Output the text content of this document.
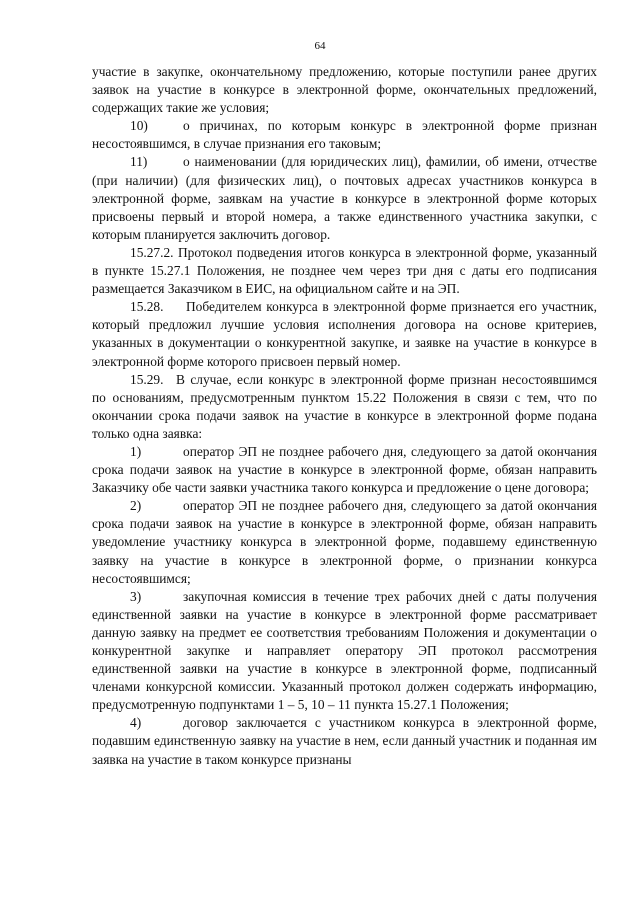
64

участие в закупке, окончательному предложению, которые поступили ранее других заявок на участие в конкурсе в электронной форме, окончательных предложений, содержащих такие же условия;

10)	о причинах, по которым конкурс в электронной форме признан несостоявшимся, в случае признания его таковым;

11)	о наименовании (для юридических лиц), фамилии, об имени, отчестве (при наличии) (для физических лиц), о почтовых адресах участников конкурса в электронной форме, заявкам на участие в конкурсе в электронной форме которых присвоены первый и второй номера, а также единственного участника закупки, с которым планируется заключить договор.

15.27.2. Протокол подведения итогов конкурса в электронной форме, указанный в пункте 15.27.1 Положения, не позднее чем через три дня с даты его подписания размещается Заказчиком в ЕИС, на официальном сайте и на ЭП.

15.28. Победителем конкурса в электронной форме признается его участник, который предложил лучшие условия исполнения договора на основе критериев, указанных в документации о конкурентной закупке, и заявке на участие в конкурсе в электронной форме которого присвоен первый номер.

15.29. В случае, если конкурс в электронной форме признан несостоявшимся по основаниям, предусмотренным пунктом 15.22 Положения в связи с тем, что по окончании срока подачи заявок на участие в конкурсе в электронной форме подана только одна заявка:

1)	оператор ЭП не позднее рабочего дня, следующего за датой окончания срока подачи заявок на участие в конкурсе в электронной форме, обязан направить Заказчику обе части заявки участника такого конкурса и предложение о цене договора;

2)	оператор ЭП не позднее рабочего дня, следующего за датой окончания срока подачи заявок на участие в конкурсе в электронной форме, обязан направить уведомление участнику конкурса в электронной форме, подавшему единственную заявку на участие в конкурсе в электронной форме, о признании конкурса несостоявшимся;

3)	закупочная комиссия в течение трех рабочих дней с даты получения единственной заявки на участие в конкурсе в электронной форме рассматривает данную заявку на предмет ее соответствия требованиям Положения и документации о конкурентной закупке и направляет оператору ЭП протокол рассмотрения единственной заявки на участие в конкурсе в электронной форме, подписанный членами конкурсной комиссии. Указанный протокол должен содержать информацию, предусмотренную подпунктами 1 – 5, 10 – 11 пункта 15.27.1 Положения;

4)	договор заключается с участником конкурса в электронной форме, подавшим единственную заявку на участие в нем, если данный участник и поданная им заявка на участие в таком конкурсе признаны
